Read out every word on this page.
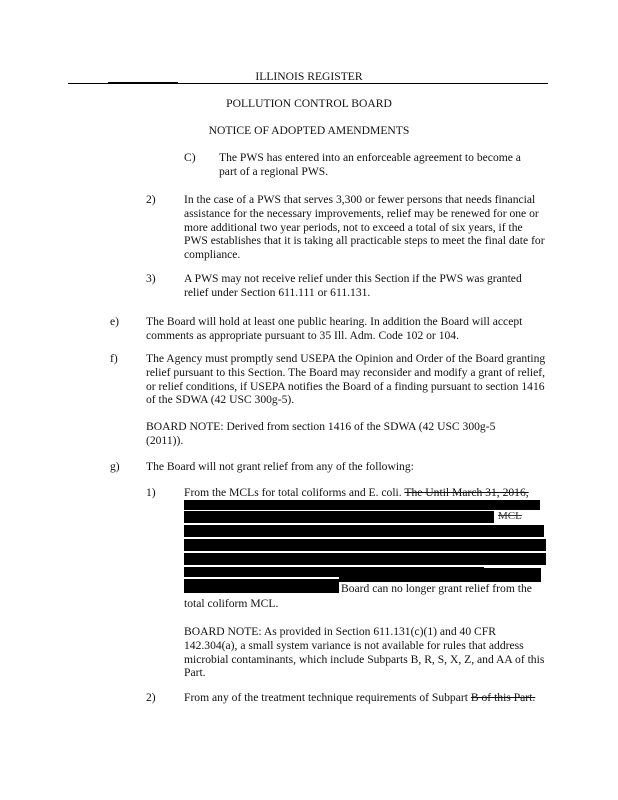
ILLINOIS REGISTER
POLLUTION CONTROL BOARD
NOTICE OF ADOPTED AMENDMENTS
C) The PWS has entered into an enforceable agreement to become a part of a regional PWS.
2) In the case of a PWS that serves 3,300 or fewer persons that needs financial assistance for the necessary improvements, relief may be renewed for one or more additional two year periods, not to exceed a total of six years, if the PWS establishes that it is taking all practicable steps to meet the final date for compliance.
3) A PWS may not receive relief under this Section if the PWS was granted relief under Section 611.111 or 611.131.
e) The Board will hold at least one public hearing. In addition the Board will accept comments as appropriate pursuant to 35 Ill. Adm. Code 102 or 104.
f) The Agency must promptly send USEPA the Opinion and Order of the Board granting relief pursuant to this Section. The Board may reconsider and modify a grant of relief, or relief conditions, if USEPA notifies the Board of a finding pursuant to section 1416 of the SDWA (42 USC 300g-5).
BOARD NOTE: Derived from section 1416 of the SDWA (42 USC 300g-5 (2011)).
g) The Board will not grant relief from any of the following:
1) From the MCLs for total coliforms and E. coli. The Until March 31, 2016,
MCL
Board can no longer grant relief from the
total coliform MCL.
BOARD NOTE: As provided in Section 611.131(c)(1) and 40 CFR 142.304(a), a small system variance is not available for rules that address microbial contaminants, which include Subparts B, R, S, X, Z, and AA of this Part.
2) From any of the treatment technique requirements of Subpart B of this Part.
